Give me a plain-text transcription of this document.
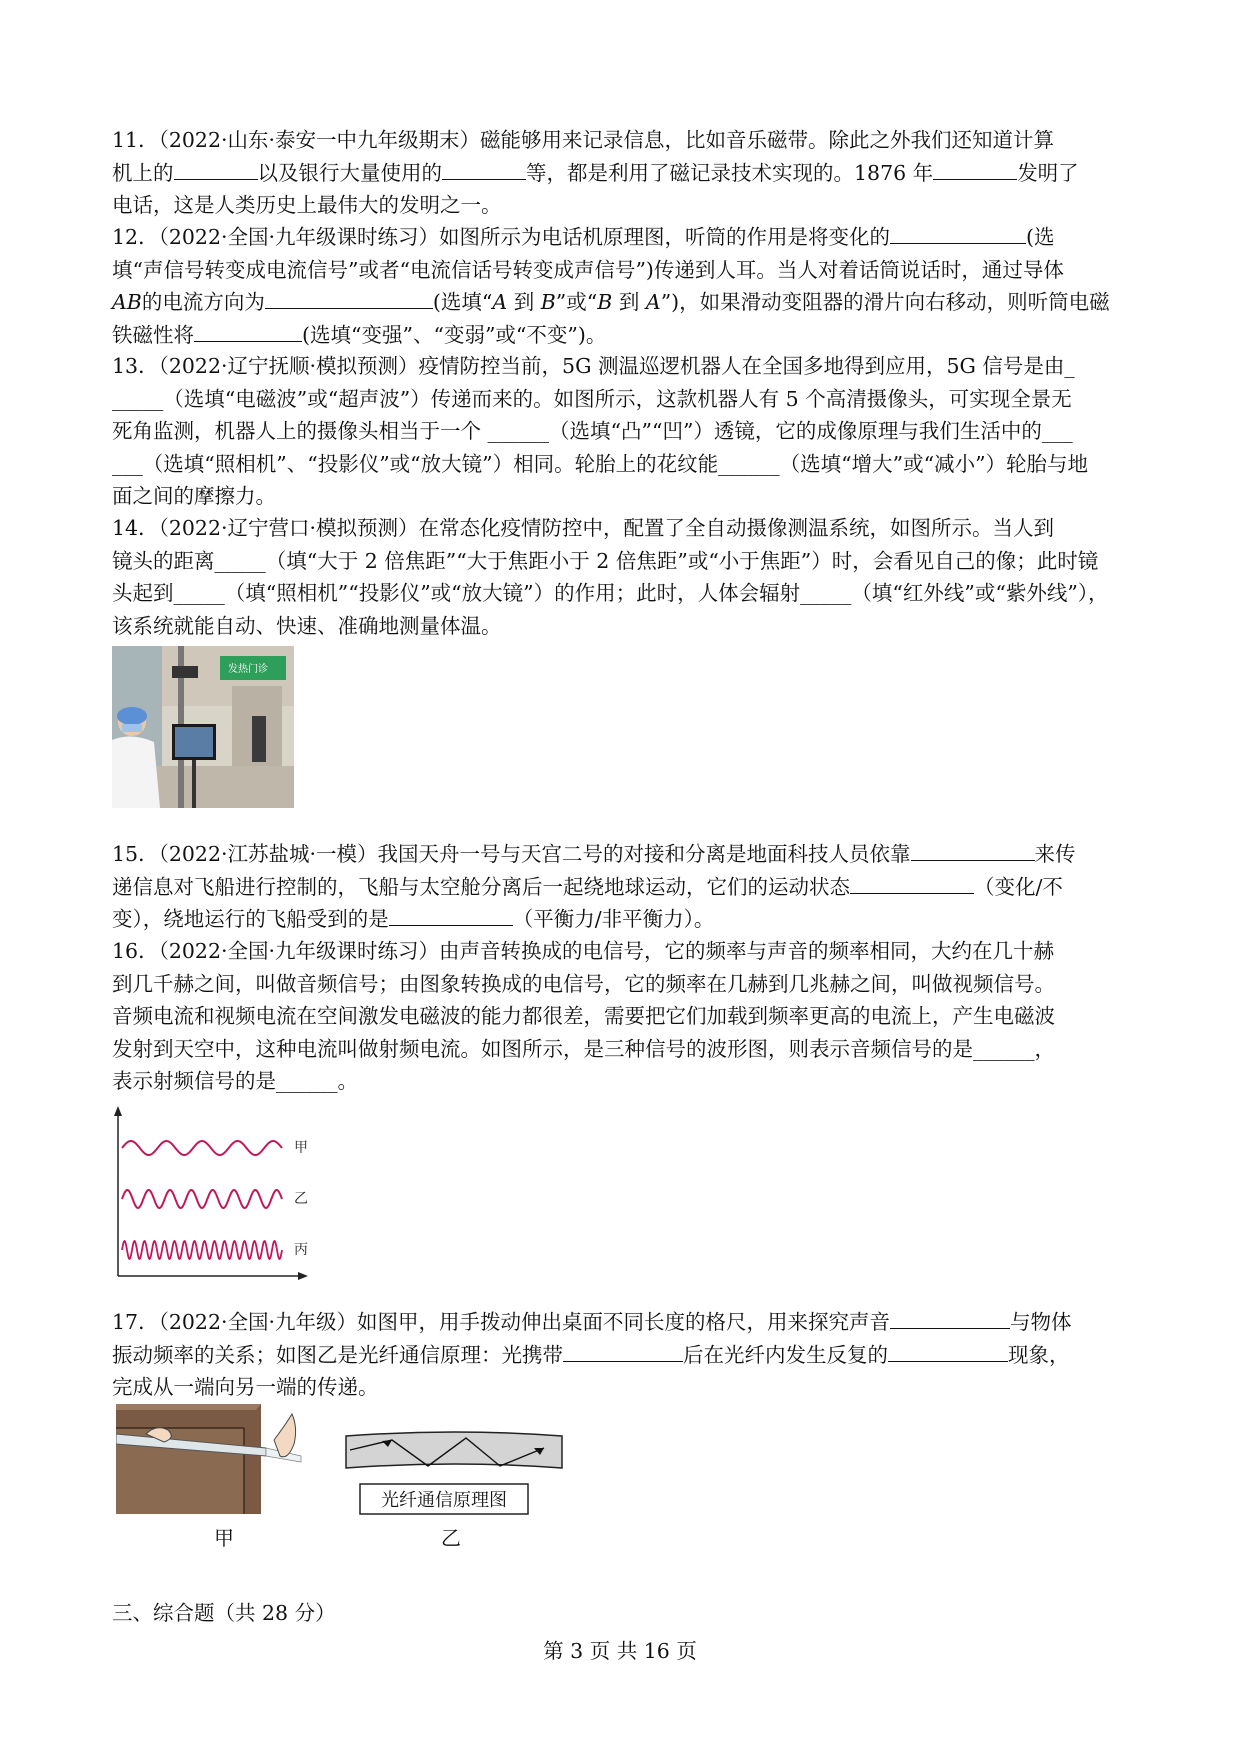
11．（2022·山东·泰安一中九年级期末）磁能够用来记录信息，比如音乐磁带。除此之外我们还知道计算

机上的	以及银行大量使用的	等，都是利用了磁记录技术实现的。1876 年	发明了

电话，这是人类历史上最伟大的发明之一。

12．（2022·全国·九年级课时练习）如图所示为电话机原理图，听筒的作用是将变化的	(选

填“声信号转变成电流信号”或者“电流信话号转变成声信号”)传递到人耳。当人对着话筒说话时，通过导体

AB的电流方向为	(选填“A 到 B”或“B 到 A”)，如果滑动变阻器的滑片向右移动，则听筒电磁

铁磁性将	(选填“变强”、“变弱”或“不变”)。

13．（2022·辽宁抚顺·模拟预测）疫情防控当前，5G 测温巡逻机器人在全国多地得到应用，5G 信号是由_

_____（选填“电磁波”或“超声波”）传递而来的。如图所示，这款机器人有 5 个高清摄像头，可实现全景无

死角监测，机器人上的摄像头相当于一个 ______（选填“凸”“凹”）透镜，它的成像原理与我们生活中的___

___（选填“照相机”、“投影仪”或“放大镜”）相同。轮胎上的花纹能______（选填“增大”或“减小”）轮胎与地

面之间的摩擦力。

14．（2022·辽宁营口·模拟预测）在常态化疫情防控中，配置了全自动摄像测温系统，如图所示。当人到

镜头的距离_____（填“大于 2 倍焦距”“大于焦距小于 2 倍焦距”或“小于焦距”）时，会看见自己的像；此时镜

头起到_____（填“照相机”“投影仪”或“放大镜”）的作用；此时，人体会辐射_____（填“红外线”或“紫外线”），

该系统就能自动、快速、准确地测量体温。

发热门诊

15．（2022·江苏盐城·一模）我国天舟一号与天宫二号的对接和分离是地面科技人员依靠	来传

递信息对飞船进行控制的，飞船与太空舱分离后一起绕地球运动，它们的运动状态	（变化/不

变），绕地运行的飞船受到的是	（平衡力/非平衡力）。

16．（2022·全国·九年级课时练习）由声音转换成的电信号，它的频率与声音的频率相同，大约在几十赫

到几千赫之间，叫做音频信号；由图象转换成的电信号，它的频率在几赫到几兆赫之间，叫做视频信号。

音频电流和视频电流在空间激发电磁波的能力都很差，需要把它们加载到频率更高的电流上，产生电磁波

发射到天空中，这种电流叫做射频电流。如图所示，是三种信号的波形图，则表示音频信号的是______，

表示射频信号的是______。

甲
乙
丙

17．（2022·全国·九年级）如图甲，用手拨动伸出桌面不同长度的格尺，用来探究声音	与物体

振动频率的关系；如图乙是光纤通信原理：光携带	后在光纤内发生反复的	现象，

完成从一端向另一端的传递。

甲
光纤通信原理图
乙
三、综合题（共 28 分）
第 3 页 共 16 页
